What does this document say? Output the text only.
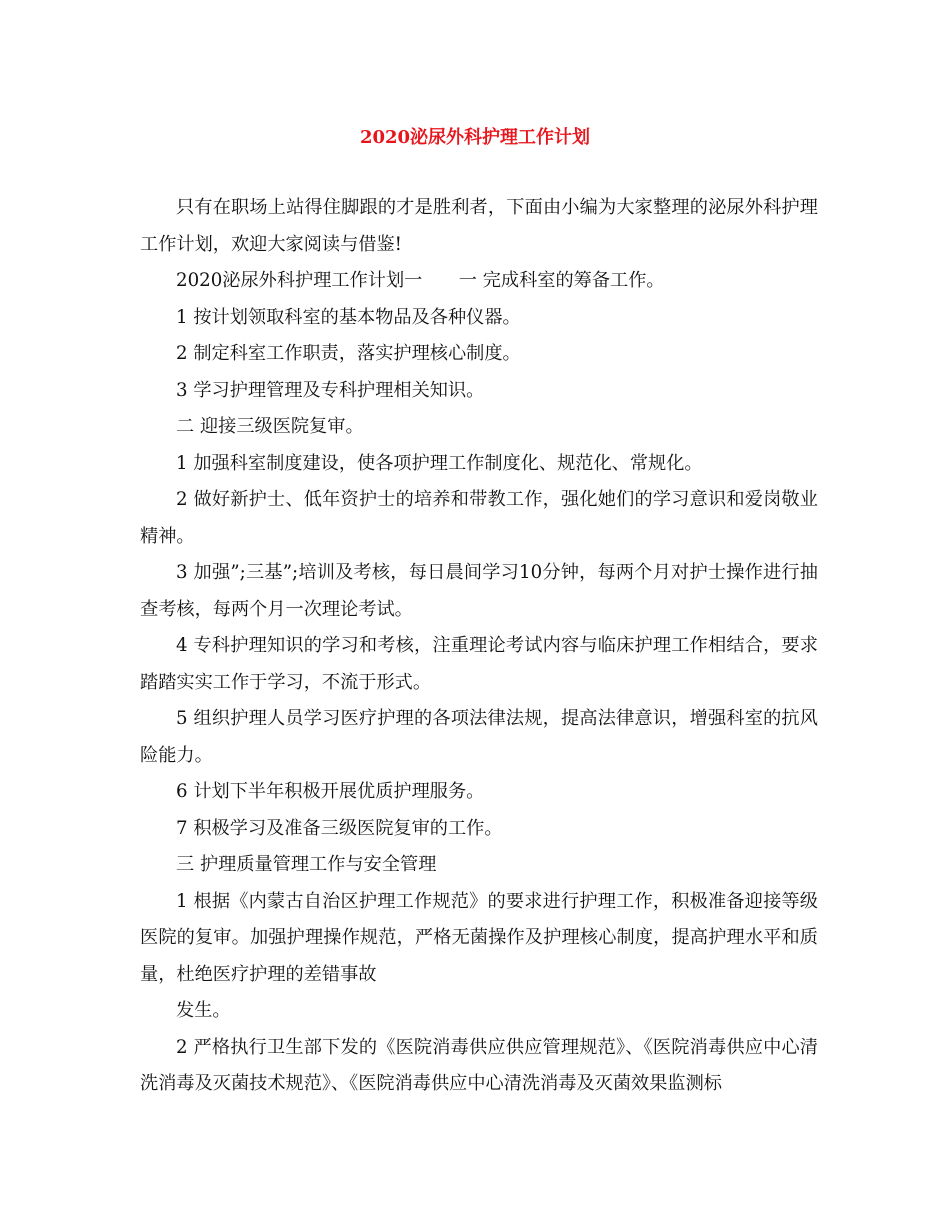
2020泌尿外科护理工作计划

只有在职场上站得住脚跟的才是胜利者，下面由小编为大家整理的泌尿外科护理工作计划，欢迎大家阅读与借鉴!

2020泌尿外科护理工作计划一　　一 完成科室的筹备工作。

1 按计划领取科室的基本物品及各种仪器。

2 制定科室工作职责，落实护理核心制度。

3 学习护理管理及专科护理相关知识。

二 迎接三级医院复审。

1 加强科室制度建设，使各项护理工作制度化、规范化、常规化。

2 做好新护士、低年资护士的培养和带教工作，强化她们的学习意识和爱岗敬业精神。

3 加强”;三基”;培训及考核，每日晨间学习10分钟，每两个月对护士操作进行抽查考核，每两个月一次理论考试。

4 专科护理知识的学习和考核，注重理论考试内容与临床护理工作相结合，要求踏踏实实工作于学习，不流于形式。

5 组织护理人员学习医疗护理的各项法律法规，提高法律意识，增强科室的抗风险能力。

6 计划下半年积极开展优质护理服务。

7 积极学习及准备三级医院复审的工作。

三 护理质量管理工作与安全管理

1 根据《内蒙古自治区护理工作规范》的要求进行护理工作，积极准备迎接等级医院的复审。加强护理操作规范，严格无菌操作及护理核心制度，提高护理水平和质量，杜绝医疗护理的差错事故

发生。

2 严格执行卫生部下发的《医院消毒供应供应管理规范》、《医院消毒供应中心清洗消毒及灭菌技术规范》、《医院消毒供应中心清洗消毒及灭菌效果监测标
